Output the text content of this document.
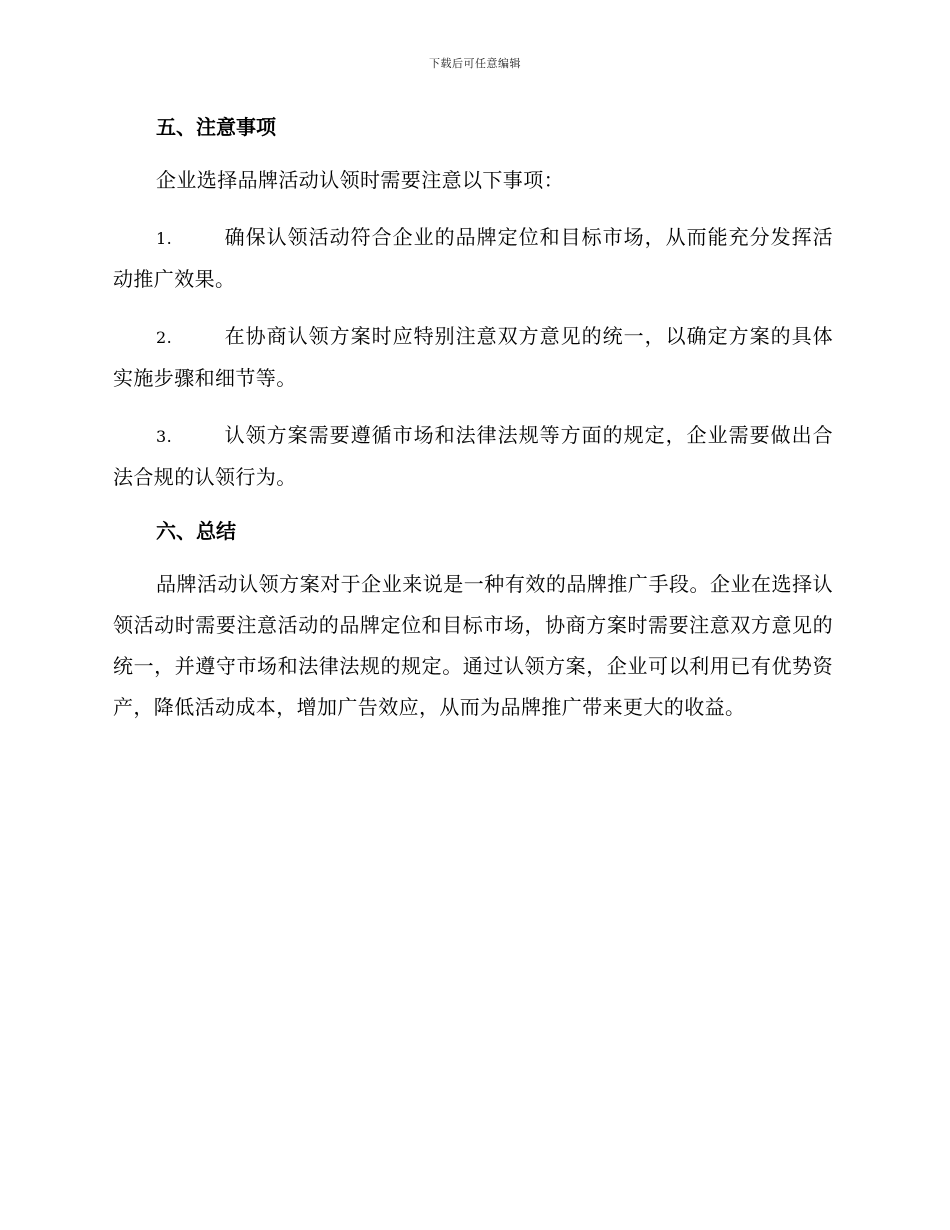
下载后可任意编辑
五、注意事项
企业选择品牌活动认领时需要注意以下事项：
1.	确保认领活动符合企业的品牌定位和目标市场，从而能充分发挥活动推广效果。
2.	在协商认领方案时应特别注意双方意见的统一，以确定方案的具体实施步骤和细节等。
3.	认领方案需要遵循市场和法律法规等方面的规定，企业需要做出合法合规的认领行为。
六、总结
品牌活动认领方案对于企业来说是一种有效的品牌推广手段。企业在选择认领活动时需要注意活动的品牌定位和目标市场，协商方案时需要注意双方意见的统一，并遵守市场和法律法规的规定。通过认领方案，企业可以利用已有优势资产，降低活动成本，增加广告效应，从而为品牌推广带来更大的收益。
